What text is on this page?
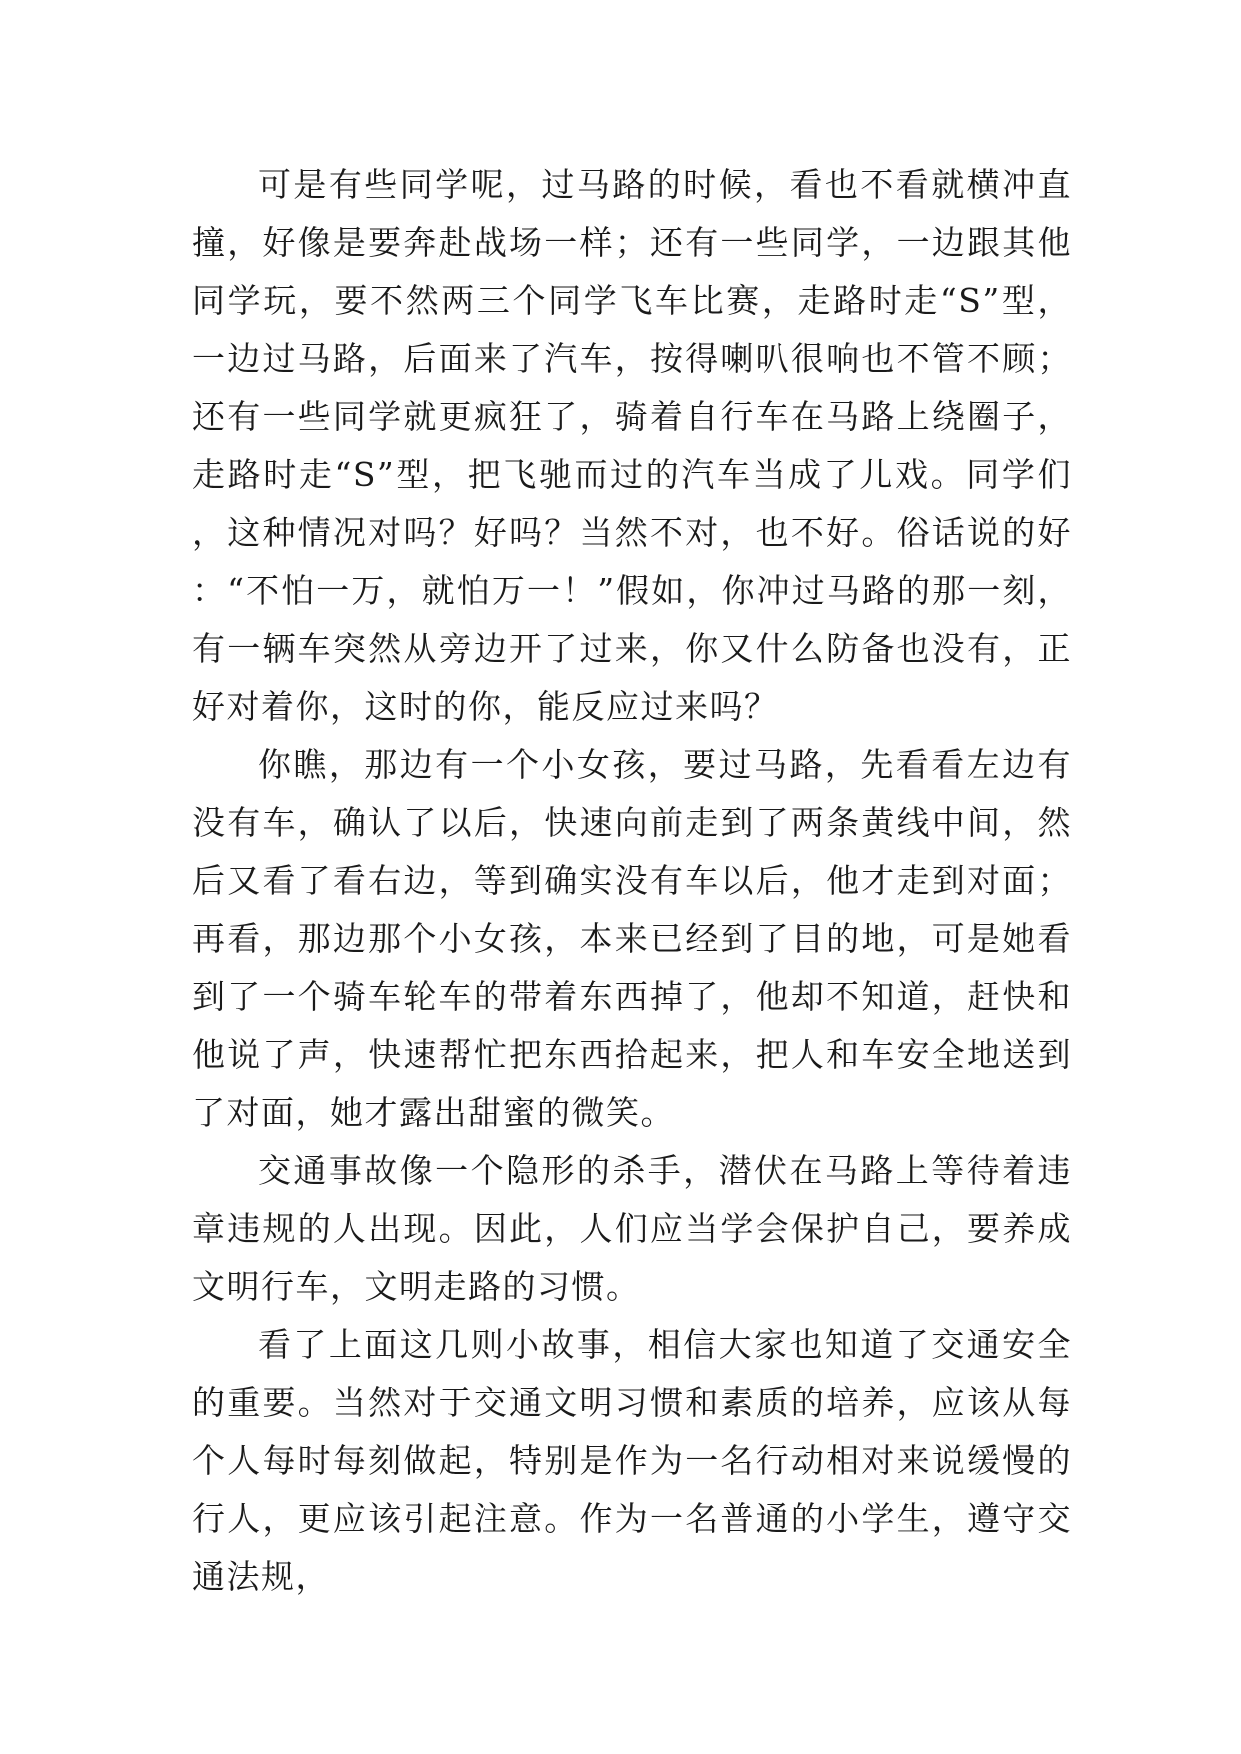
可是有些同学呢，过马路的时候，看也不看就横冲直撞，好像是要奔赴战场一样；还有一些同学，一边跟其他同学玩，要不然两三个同学飞车比赛，走路时走“S”型，一边过马路，后面来了汽车，按得喇叭很响也不管不顾；还有一些同学就更疯狂了，骑着自行车在马路上绕圈子，走路时走“S”型，把飞驰而过的汽车当成了儿戏。同学们，这种情况对吗？好吗？当然不对，也不好。俗话说的好：“不怕一万，就怕万一！”假如，你冲过马路的那一刻，有一辆车突然从旁边开了过来，你又什么防备也没有，正好对着你，这时的你，能反应过来吗？

你瞧，那边有一个小女孩，要过马路，先看看左边有没有车，确认了以后，快速向前走到了两条黄线中间，然后又看了看右边，等到确实没有车以后，他才走到对面；再看，那边那个小女孩，本来已经到了目的地，可是她看到了一个骑车轮车的带着东西掉了，他却不知道，赶快和他说了声，快速帮忙把东西拾起来，把人和车安全地送到了对面，她才露出甜蜜的微笑。

交通事故像一个隐形的杀手，潜伏在马路上等待着违章违规的人出现。因此，人们应当学会保护自己，要养成文明行车，文明走路的习惯。

看了上面这几则小故事，相信大家也知道了交通安全的重要。当然对于交通文明习惯和素质的培养，应该从每个人每时每刻做起，特别是作为一名行动相对来说缓慢的行人，更应该引起注意。作为一名普通的小学生，遵守交通法规，
